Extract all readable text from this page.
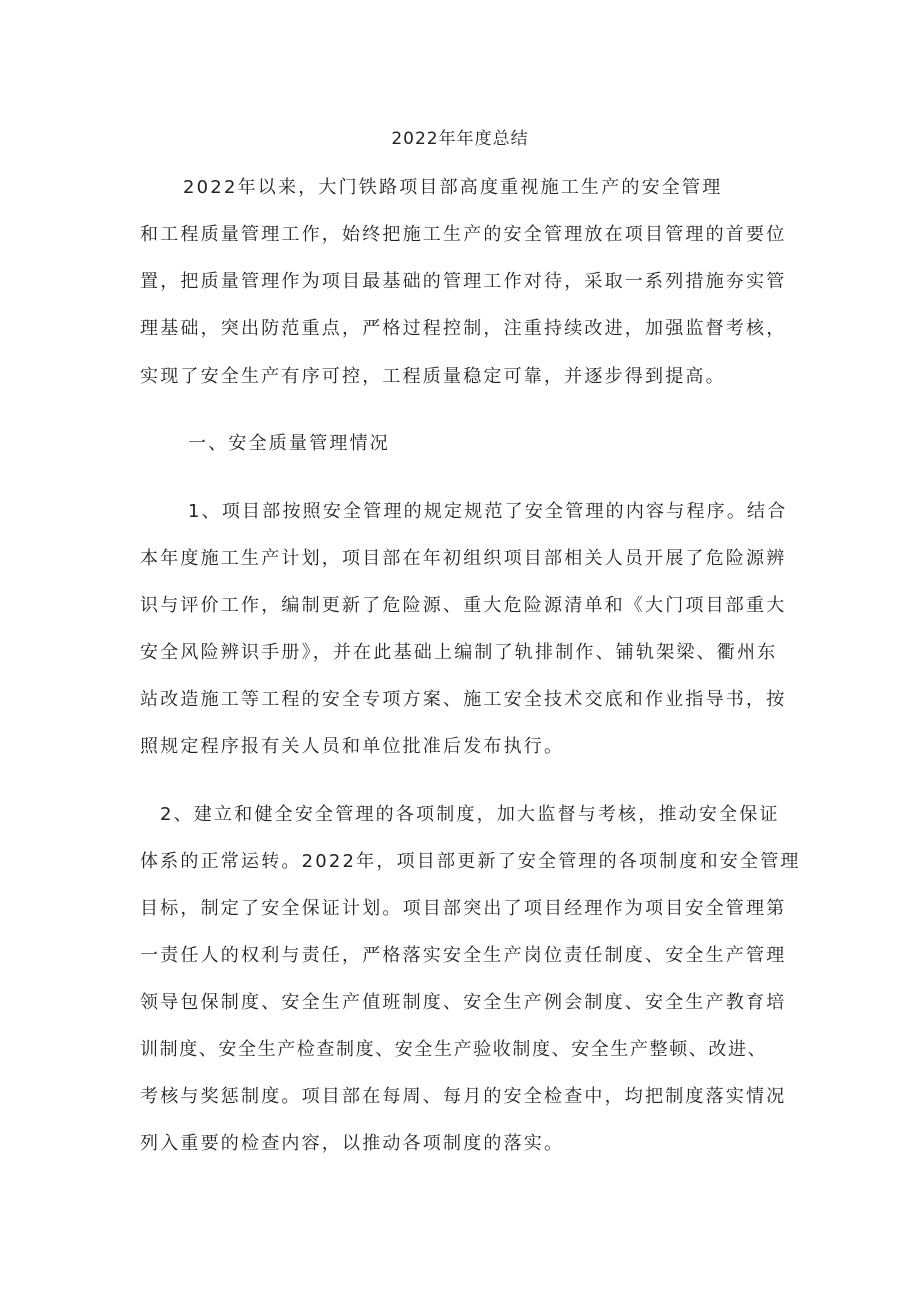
2022年年度总结
2022年以来，大门铁路项目部高度重视施工生产的安全管理
和工程质量管理工作，始终把施工生产的安全管理放在项目管理的首要位
置，把质量管理作为项目最基础的管理工作对待，采取一系列措施夯实管
理基础，突出防范重点，严格过程控制，注重持续改进，加强监督考核，
实现了安全生产有序可控，工程质量稳定可靠，并逐步得到提高。
一、安全质量管理情况
1、项目部按照安全管理的规定规范了安全管理的内容与程序。结合
本年度施工生产计划，项目部在年初组织项目部相关人员开展了危险源辨
识与评价工作，编制更新了危险源、重大危险源清单和《大门项目部重大
安全风险辨识手册》，并在此基础上编制了轨排制作、铺轨架梁、衢州东
站改造施工等工程的安全专项方案、施工安全技术交底和作业指导书，按
照规定程序报有关人员和单位批准后发布执行。
2、建立和健全安全管理的各项制度，加大监督与考核，推动安全保证
体系的正常运转。2022年，项目部更新了安全管理的各项制度和安全管理
目标，制定了安全保证计划。项目部突出了项目经理作为项目安全管理第
一责任人的权利与责任，严格落实安全生产岗位责任制度、安全生产管理
领导包保制度、安全生产值班制度、安全生产例会制度、安全生产教育培
训制度、安全生产检查制度、安全生产验收制度、安全生产整顿、改进、
考核与奖惩制度。项目部在每周、每月的安全检查中，均把制度落实情况
列入重要的检查内容，以推动各项制度的落实。
